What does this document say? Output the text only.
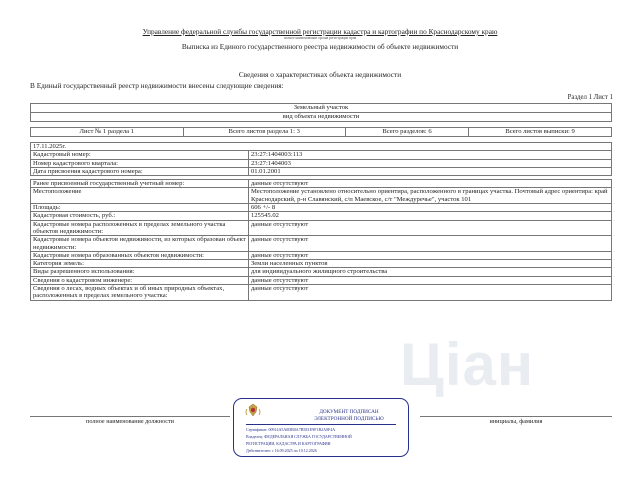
Цiан
Управление федеральной службы государственной регистрации кадастра и картографии по Краснодарскому краю
полное наименование органа регистрации прав
Выписка из Единого государственного реестра недвижимости об объекте недвижимости
Сведения о характеристиках объекта недвижимости
В Единый государственный реестр недвижимости внесены следующие сведения:
Раздел 1 Лист 1
Земельный участок
вид объекта недвижимости
Лист № 1 раздела 1	Всего листов раздела 1: 3	Всего разделов: 6	Всего листов выписки: 9
17.11.2025г.	
Кадастровый номер:	23:27:1404003:113
Номер кадастрового квартала:	23:27:1404003
Дата присвоения кадастрового номера:	01.01.2001

Ранее присвоенный государственный учетный номер:	данные отсутствуют
Местоположение	Местоположение установлено относительно ориентира, расположенного в границах участка. Почтовый адрес ориентира: край Краснодарский, р-н Славянский, с/п Маевское, с/т "Междуречье", участок 101
Площадь:	606 +/- 8
Кадастровая стоимость, руб.:	125545.02
Кадастровые номера расположенных в пределах земельного участка объектов недвижимости:	данные отсутствуют
Кадастровые номера объектов недвижимости, из которых образован объект недвижимости:	данные отсутствуют
Кадастровые номера образованных объектов недвижимости:	данные отсутствуют
Категория земель:	Земли населенных пунктов
Виды разрешенного использования:	для индивидуального жилищного строительства
Сведения о кадастровом инженере:	данные отсутствуют
Сведения о лесах, водных объектах и об иных природных объектах, расположенных в пределах земельного участка:	данные отсутствуют
полное наименование должности	инициалы, фамилия
ДОКУМЕНТ ПОДПИСАН
ЭЛЕКТРОННОЙ ПОДПИСЬЮ
Сертификат: 00914A5A0DB0A7B5E1E9F1B2A0F4A
Владелец: ФЕДЕРАЛЬНАЯ СЛУЖБА ГОСУДАРСТВЕННОЙ
РЕГИСТРАЦИИ, КАДАСТРА И КАРТОГРАФИИ
Действителен: с 16.09.2025 по 10.12.2026
